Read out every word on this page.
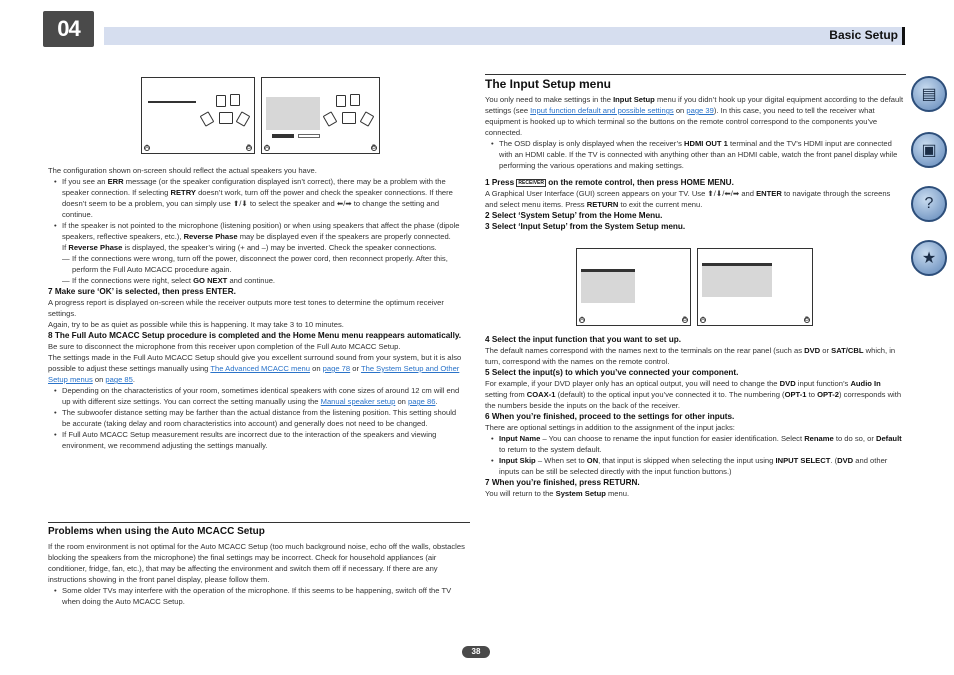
04	Basic Setup
▤
▣
?
★
A	B A	B

The configuration shown on-screen should reflect the actual speakers you have.

• If you see an ERR message (or the speaker configuration displayed isn’t correct), there may be a problem with the speaker connection. If selecting RETRY doesn’t work, turn off the power and check the speaker connections. If there doesn’t seem to be a problem, you can simply use ⬆/⬇ to select the speaker and ⬅/➡ to change the setting and continue.

• If the speaker is not pointed to the microphone (listening position) or when using speakers that affect the phase (dipole speakers, reflective speakers, etc.), Reverse Phase may be displayed even if the speakers are properly connected.

If Reverse Phase is displayed, the speaker’s wiring (+ and –) may be inverted. Check the speaker connections.

— If the connections were wrong, turn off the power, disconnect the power cord, then reconnect properly. After this, perform the Full Auto MCACC procedure again.

— If the connections were right, select GO NEXT and continue.

7 Make sure ‘OK’ is selected, then press ENTER.

A progress report is displayed on-screen while the receiver outputs more test tones to determine the optimum receiver settings.

Again, try to be as quiet as possible while this is happening. It may take 3 to 10 minutes.

8 The Full Auto MCACC Setup procedure is completed and the Home Menu menu reappears automatically.

Be sure to disconnect the microphone from this receiver upon completion of the Full Auto MCACC Setup.

The settings made in the Full Auto MCACC Setup should give you excellent surround sound from your system, but it is also possible to adjust these settings manually using The Advanced MCACC menu on page 78 or The System Setup and Other Setup menus on page 85.

• Depending on the characteristics of your room, sometimes identical speakers with cone sizes of around 12 cm will end up with different size settings. You can correct the setting manually using the Manual speaker setup on page 86.

• The subwoofer distance setting may be farther than the actual distance from the listening position. This setting should be accurate (taking delay and room characteristics into account) and generally does not need to be changed.

• If Full Auto MCACC Setup measurement results are incorrect due to the interaction of the speakers and viewing environment, we recommend adjusting the settings manually.

Problems when using the Auto MCACC Setup

If the room environment is not optimal for the Auto MCACC Setup (too much background noise, echo off the walls, obstacles blocking the speakers from the microphone) the final settings may be incorrect. Check for household appliances (air conditioner, fridge, fan, etc.), that may be affecting the environment and switch them off if necessary. If there are any instructions showing in the front panel display, please follow them.

• Some older TVs may interfere with the operation of the microphone. If this seems to be happening, switch off the TV when doing the Auto MCACC Setup.

The Input Setup menu

You only need to make settings in the Input Setup menu if you didn’t hook up your digital equipment according to the default settings (see Input function default and possible settings on page 39). In this case, you need to tell the receiver what equipment is hooked up to which terminal so the buttons on the remote control correspond to the components you’ve connected.

• The OSD display is only displayed when the receiver’s HDMI OUT 1 terminal and the TV’s HDMI input are connected with an HDMI cable. If the TV is connected with anything other than an HDMI cable, watch the front panel display while performing the various operations and making settings.

1 Press RECEIVER on the remote control, then press HOME MENU.

A Graphical User Interface (GUI) screen appears on your TV. Use ⬆/⬇/⬅/➡ and ENTER to navigate through the screens and select menu items. Press RETURN to exit the current menu.

2 Select ‘System Setup’ from the Home Menu.

3 Select ‘Input Setup’ from the System Setup menu.

A	B A	B

4 Select the input function that you want to set up.

The default names correspond with the names next to the terminals on the rear panel (such as DVD or SAT/CBL which, in turn, correspond with the names on the remote control.

5 Select the input(s) to which you’ve connected your component.

For example, if your DVD player only has an optical output, you will need to change the DVD input function’s Audio In setting from COAX-1 (default) to the optical input you’ve connected it to. The numbering (OPT-1 to OPT-2) corresponds with the numbers beside the inputs on the back of the receiver.

6 When you’re finished, proceed to the settings for other inputs.

There are optional settings in addition to the assignment of the input jacks:

• Input Name – You can choose to rename the input function for easier identification. Select Rename to do so, or Default to return to the system default.

• Input Skip – When set to ON, that input is skipped when selecting the input using INPUT SELECT. (DVD and other inputs can be still be selected directly with the input function buttons.)

7 When you’re finished, press RETURN.

You will return to the System Setup menu.

38
